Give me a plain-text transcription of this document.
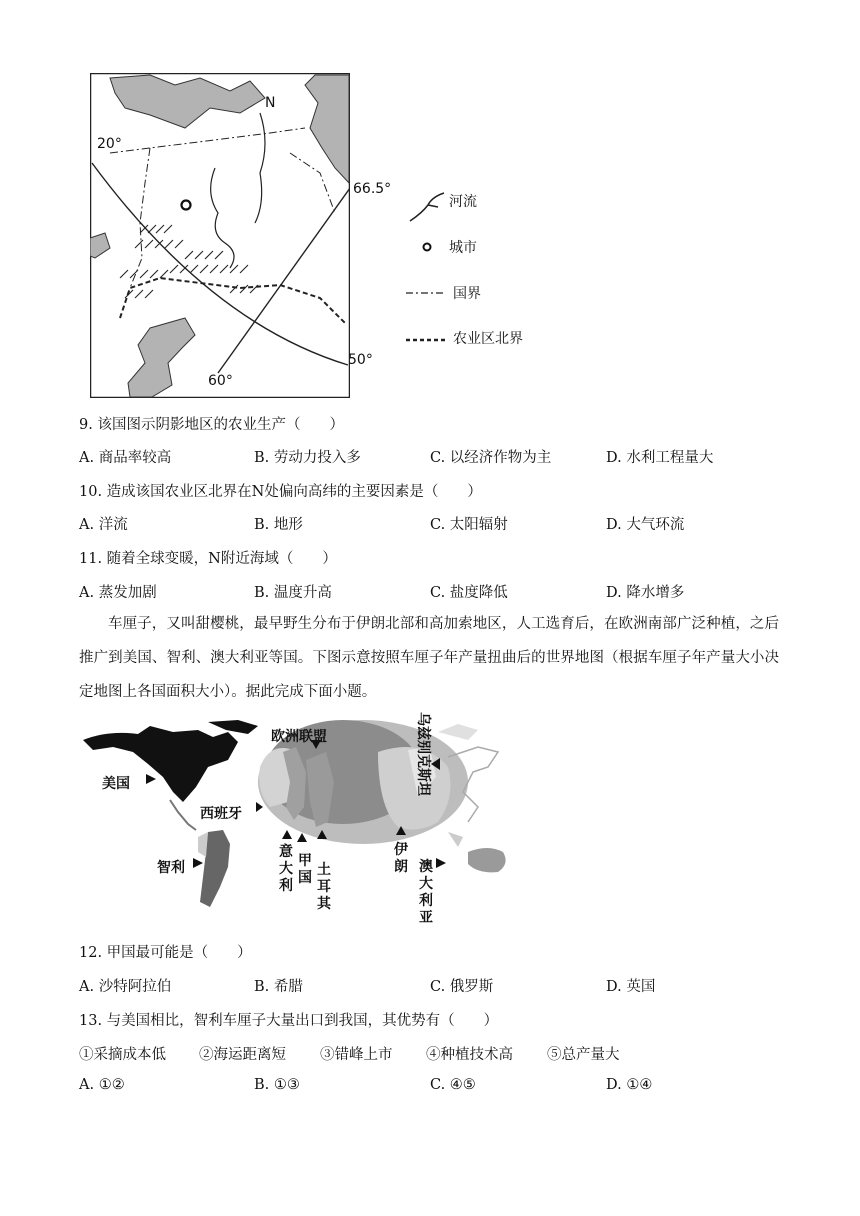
20°
66.5°
50°
60°
N
河流
城市
国界
农业区北界
9. 该国图示阴影地区的农业生产（　　）
A. 商品率较高	B. 劳动力投入多	C. 以经济作物为主	D. 水利工程量大
10. 造成该国农业区北界在N处偏向高纬的主要因素是（　　）
A. 洋流	B. 地形	C. 太阳辐射	D. 大气环流
11. 随着全球变暖，N附近海域（　　）
A. 蒸发加剧	B. 温度升高	C. 盐度降低	D. 降水增多
车厘子，又叫甜樱桃，最早野生分布于伊朗北部和高加索地区，人工选育后，在欧洲南部广泛种植，之后推广到美国、智利、澳大利亚等国。下图示意按照车厘子年产量扭曲后的世界地图（根据车厘子年产量大小决定地图上各国面积大小）。据此完成下面小题。
美国
欧洲联盟	乌兹别克斯坦
西班牙
智利
意大利
甲国 土耳其
伊朗 澳大利亚
12. 甲国最可能是（　　）
A. 沙特阿拉伯	B. 希腊	C. 俄罗斯	D. 英国
13. 与美国相比，智利车厘子大量出口到我国，其优势有（　　）
①采摘成本低 ②海运距离短 ③错峰上市 ④种植技术高 ⑤总产量大
A. ①②	B. ①③	C. ④⑤	D. ①④
